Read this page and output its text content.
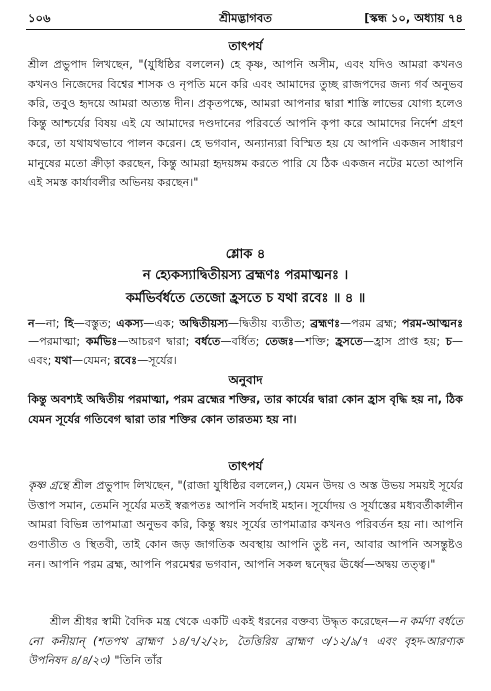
১০৬	শ্রীমদ্ভাগবত	[স্কন্ধ ১০, অধ্যায় ৭৪
তাৎপর্য
শ্রীল প্রভুপাদ লিখছেন, "(যুধিষ্ঠির বললেন) হে কৃষ্ণ, আপনি অসীম, এবং যদিও আমরা কখনও কখনও নিজেদের বিশ্বের শাসক ও নৃপতি মনে করি এবং আমাদের তুচ্ছ রাজপদের জন্য গর্ব অনুভব করি, তবুও হৃদয়ে আমরা অত্যন্ত দীন। প্রকৃতপক্ষে, আমরা আপনার দ্বারা শাস্তি লাভের যোগ্য হলেও কিন্তু আশ্চর্যের বিষয় এই যে আমাদের দণ্ডদানের পরিবর্তে আপনি কৃপা করে আমাদের নির্দেশ গ্রহণ করে, তা যথাযথভাবে পালন করেন। হে ভগবান, অন্যান্যরা বিস্মিত হয় যে আপনি একজন সাধারণ মানুষের মতো ক্রীড়া করছেন, কিন্তু আমরা হৃদয়ঙ্গম করতে পারি যে ঠিক একজন নটের মতো আপনি এই সমস্ত কার্যাবলীর অভিনয় করছেন।"
শ্লোক ৪
ন হ্যেকস্যাদ্বিতীয়স্য ব্রহ্মণঃ পরমাত্মনঃ ।
কর্মভির্বর্ধতে তেজো হ্রসতে চ যথা রবেঃ ॥ ৪ ॥
ন—না; হি—বস্তুত; একস্য—এক; অদ্বিতীয়স্য—দ্বিতীয় ব্যতীত; ব্রহ্মণঃ—পরম ব্রহ্ম; পরম-আত্মনঃ—পরমাত্মা; কর্মভিঃ—আচরণ দ্বারা; বর্ধতে—বর্ধিত; তেজঃ—শক্তি; হ্রসতে—হ্রাস প্রাপ্ত হয়; চ—এবং; যথা—যেমন; রবেঃ—সূর্যের।
অনুবাদ
কিন্তু অবশ্যই অদ্বিতীয় পরমাত্মা, পরম ব্রহ্মের শক্তির, তার কার্যের দ্বারা কোন হ্রাস বৃদ্ধি হয় না, ঠিক যেমন সূর্যের গতিবেগ দ্বারা তার শক্তির কোন তারতম্য হয় না।
তাৎপর্য
কৃষ্ণ গ্রন্থে শ্রীল প্রভুপাদ লিখছেন, "(রাজা যুধিষ্ঠির বললেন,) যেমন উদয় ও অস্ত উভয় সময়ই সূর্যের উত্তাপ সমান, তেমনি সূর্যের মতই স্বরূপতঃ আপনি সর্বদাই মহান। সূর্যোদয় ও সূর্যাস্তের মধ্যবর্তীকালীন আমরা বিভিন্ন তাপমাত্রা অনুভব করি, কিন্তু স্বয়ং সূর্যের তাপমাত্রার কখনও পরিবর্তন হয় না। আপনি গুণাতীত ও স্থিতবী, তাই কোন জড় জাগতিক অবস্থায় আপনি তুষ্ট নন, আবার আপনি অসন্তুষ্টও নন। আপনি পরম ব্রহ্ম, আপনি পরমেশ্বর ভগবান, আপনি সকল দ্বন্দ্বের ঊর্ধ্বে—অদ্বয় তত্ত্ব।"
শ্রীল শ্রীধর স্বামী বৈদিক মন্ত্র থেকে একটি একই ধরনের বক্তব্য উদ্ধৃত করেছেন—ন কর্মণা বর্ধতে নো কনীয়ান্ (শতপথ ব্রাহ্মণ ১৪/৭/২/২৮, তৈত্তিরিয় ব্রাহ্মণ ৩/১২/৯/৭ এবং বৃহদ-আরণ্যক উপনিষদ ৪/৪/২৩) "তিনি তাঁর
